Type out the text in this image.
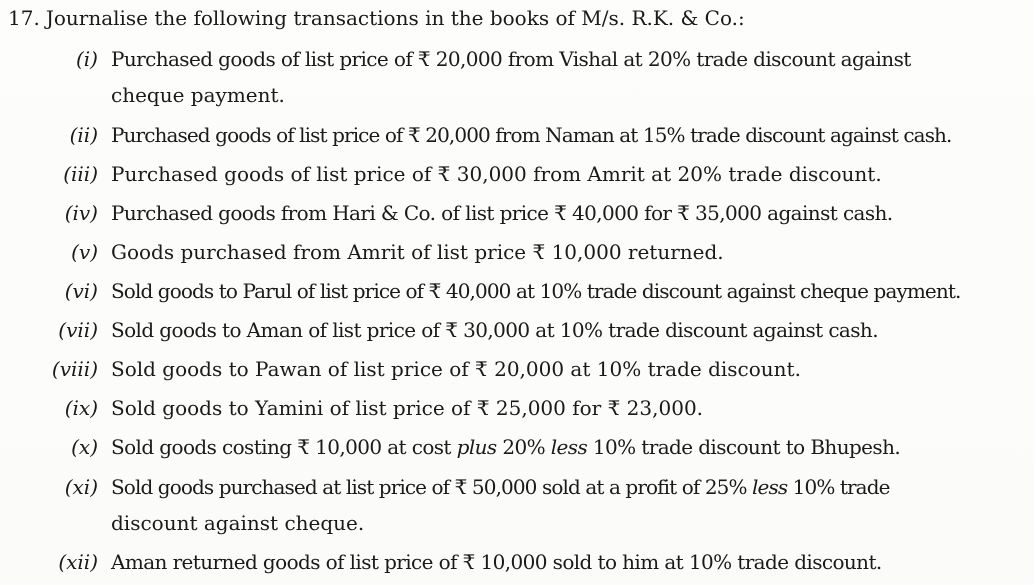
17. Journalise the following transactions in the books of M/s. R.K. & Co.:
(i) Purchased goods of list price of ₹ 20,000 from Vishal at 20% trade discount against
cheque payment.
(ii) Purchased goods of list price of ₹ 20,000 from Naman at 15% trade discount against cash.
(iii) Purchased goods of list price of ₹ 30,000 from Amrit at 20% trade discount.
(iv) Purchased goods from Hari & Co. of list price ₹ 40,000 for ₹ 35,000 against cash.
(v) Goods purchased from Amrit of list price ₹ 10,000 returned.
(vi) Sold goods to Parul of list price of ₹ 40,000 at 10% trade discount against cheque payment.
(vii) Sold goods to Aman of list price of ₹ 30,000 at 10% trade discount against cash.
(viii) Sold goods to Pawan of list price of ₹ 20,000 at 10% trade discount.
(ix) Sold goods to Yamini of list price of ₹ 25,000 for ₹ 23,000.
(x) Sold goods costing ₹ 10,000 at cost plus 20% less 10% trade discount to Bhupesh.
(xi) Sold goods purchased at list price of ₹ 50,000 sold at a profit of 25% less 10% trade
discount against cheque.
(xii) Aman returned goods of list price of ₹ 10,000 sold to him at 10% trade discount.
